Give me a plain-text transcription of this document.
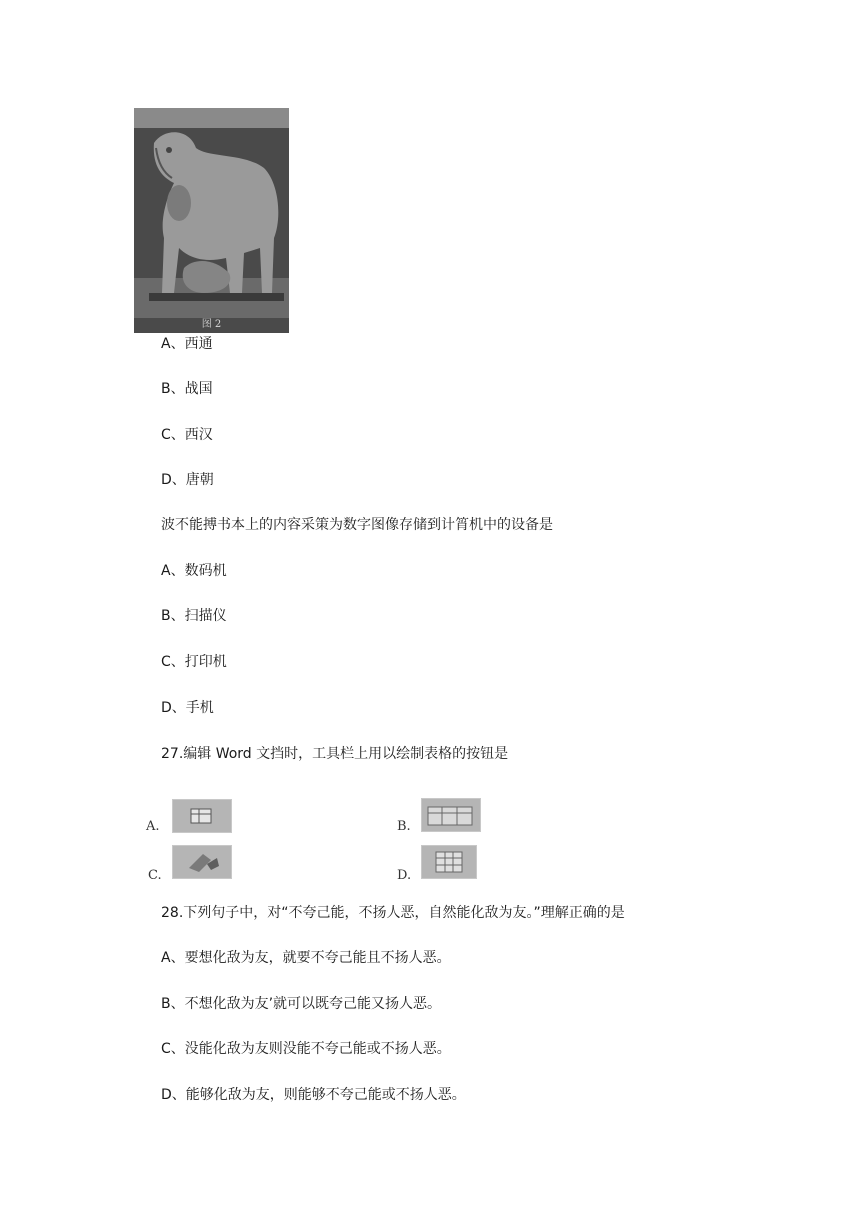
图 2
A、西通
B、战国
C、西汉
D、唐朝
波不能搏书本上的内容采策为数字图像存储到计筲机中的设备是
A、数码机
B、扫描仪
C、打印机
D、手机
27.编辑 Word 文挡时，工具栏上用以绘制表格的按钮是
A.	B.
C.	D.
28.下列句子中，对“不夸己能，不扬人恶，自然能化敌为友。”理解正确的是
A、要想化敌为友，就要不夸己能且不扬人恶。
B、不想化敌为友’就可以既夸己能又扬人恶。
C、没能化敌为友则没能不夸己能或不扬人恶。
D、能够化敌为友，则能够不夸己能或不扬人恶。
